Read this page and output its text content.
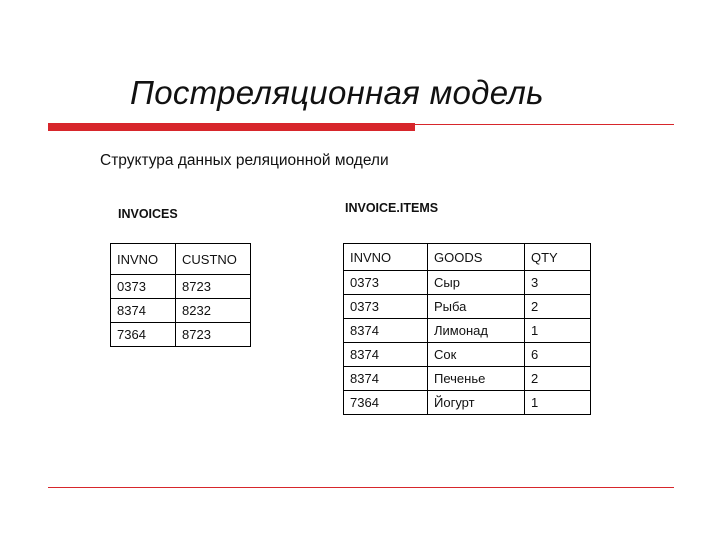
Постреляционная модель
Структура данных реляционной модели
INVOICES	INVOICE.ITEMS
INVNO	CUSTNO
0373	8723
8374	8232
7364	8723
INVNO	GOODS	QTY
0373	Сыр	3
0373	Рыба	2
8374	Лимонад	1
8374	Сок	6
8374	Печенье	2
7364	Йогурт	1
